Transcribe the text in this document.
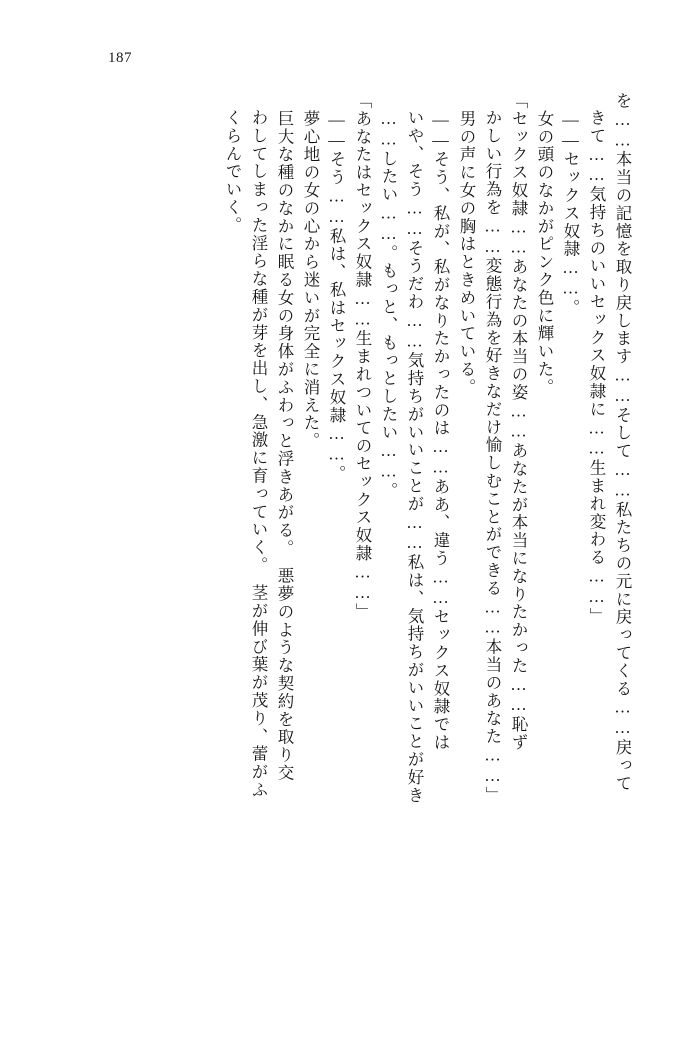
187
を……本当の記憶を取り戻します……そして……私たちの元に戻ってくる……戻って
きて……気持ちのいいセックス奴隷に……生まれ変わる……」
　――セックス奴隷……。
　女の頭のなかがピンク色に輝いた。
「セックス奴隷……あなたの本当の姿……あなたが本当になりたかった……恥ず
かしい行為を……変態行為を好きなだけ愉しむことができる……本当のあなた……」
　男の声に女の胸はときめいている。
　――そう、私が、私がなりたかったのは……ああ、違う……セックス奴隷では
いや、そう……そうだわ……気持ちがいいことが……私は、気持ちがいいことが好き
……したい……。もっと、もっとしたい……。
「あなたはセックス奴隷……生まれついてのセックス奴隷……」
　――そう……私は、私はセックス奴隷……。
　夢心地の女の心から迷いが完全に消えた。
　巨大な種のなかに眠る女の身体がふわっと浮きあがる。　悪夢のような契約を取り交
わしてしまった淫らな種が芽を出し、急激に育っていく。　茎が伸び葉が茂り、蕾がふ
くらんでいく。
